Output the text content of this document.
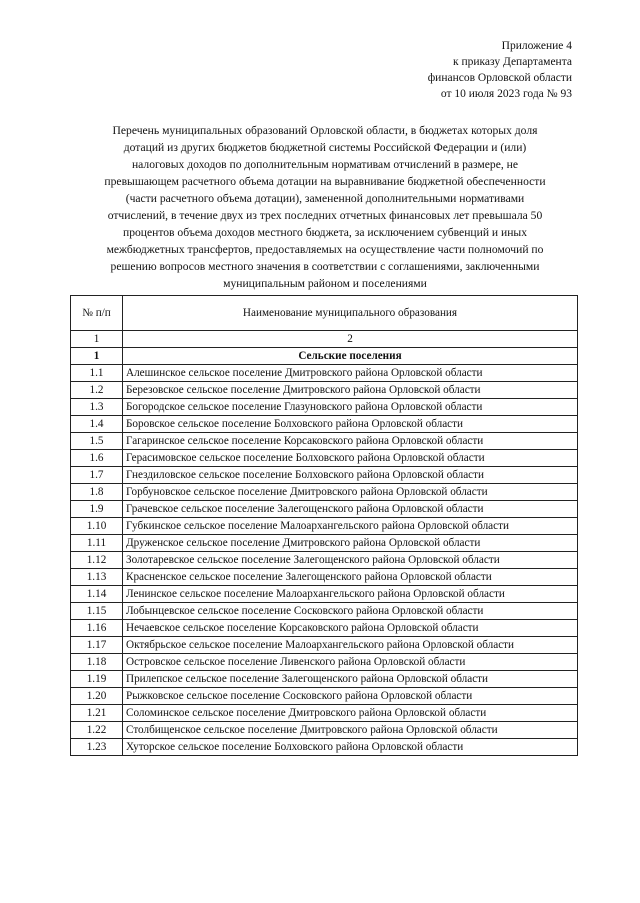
Приложение 4
к приказу Департамента
финансов Орловской области
от 10 июля 2023 года № 93
Перечень муниципальных образований Орловской области, в бюджетах которых доля
дотаций из других бюджетов бюджетной системы Российской Федерации и (или)
налоговых доходов по дополнительным нормативам отчислений в размере, не
превышающем расчетного объема дотации на выравнивание бюджетной обеспеченности
(части расчетного объема дотации), замененной дополнительными нормативами
отчислений, в течение двух из трех последних отчетных финансовых лет превышала 50
процентов объема доходов местного бюджета, за исключением субвенций и иных
межбюджетных трансфертов, предоставляемых на осуществление части полномочий по
решению вопросов местного значения в соответствии с соглашениями, заключенными
муниципальным районом и поселениями
№ п/п	Наименование муниципального образования
1	2
1	Сельские поселения
1.1	Алешинское сельское поселение Дмитровского района Орловской области
1.2	Березовское сельское поселение Дмитровского района Орловской области
1.3	Богородское сельское поселение Глазуновского района Орловской области
1.4	Боровское сельское поселение Болховского района Орловской области
1.5	Гагаринское сельское поселение Корсаковского района Орловской области
1.6	Герасимовское сельское поселение Болховского района Орловской области
1.7	Гнездиловское сельское поселение Болховского района Орловской области
1.8	Горбуновское сельское поселение Дмитровского района Орловской области
1.9	Грачевское сельское поселение Залегощенского района Орловской области
1.10	Губкинское сельское поселение Малоархангельского района Орловской области
1.11	Друженское сельское поселение Дмитровского района Орловской области
1.12	Золотаревское сельское поселение Залегощенского района Орловской области
1.13	Красненское сельское поселение Залегощенского района Орловской области
1.14	Ленинское сельское поселение Малоархангельского района Орловской области
1.15	Лобынцевское сельское поселение Сосковского района Орловской области
1.16	Нечаевское сельское поселение Корсаковского района Орловской области
1.17	Октябрьское сельское поселение Малоархангельского района Орловской области
1.18	Островское сельское поселение Ливенского района Орловской области
1.19	Прилепское сельское поселение Залегощенского района Орловской области
1.20	Рыжковское сельское поселение Сосковского района Орловской области
1.21	Соломинское сельское поселение Дмитровского района Орловской области
1.22	Столбищенское сельское поселение Дмитровского района Орловской области
1.23	Хуторское сельское поселение Болховского района Орловской области
